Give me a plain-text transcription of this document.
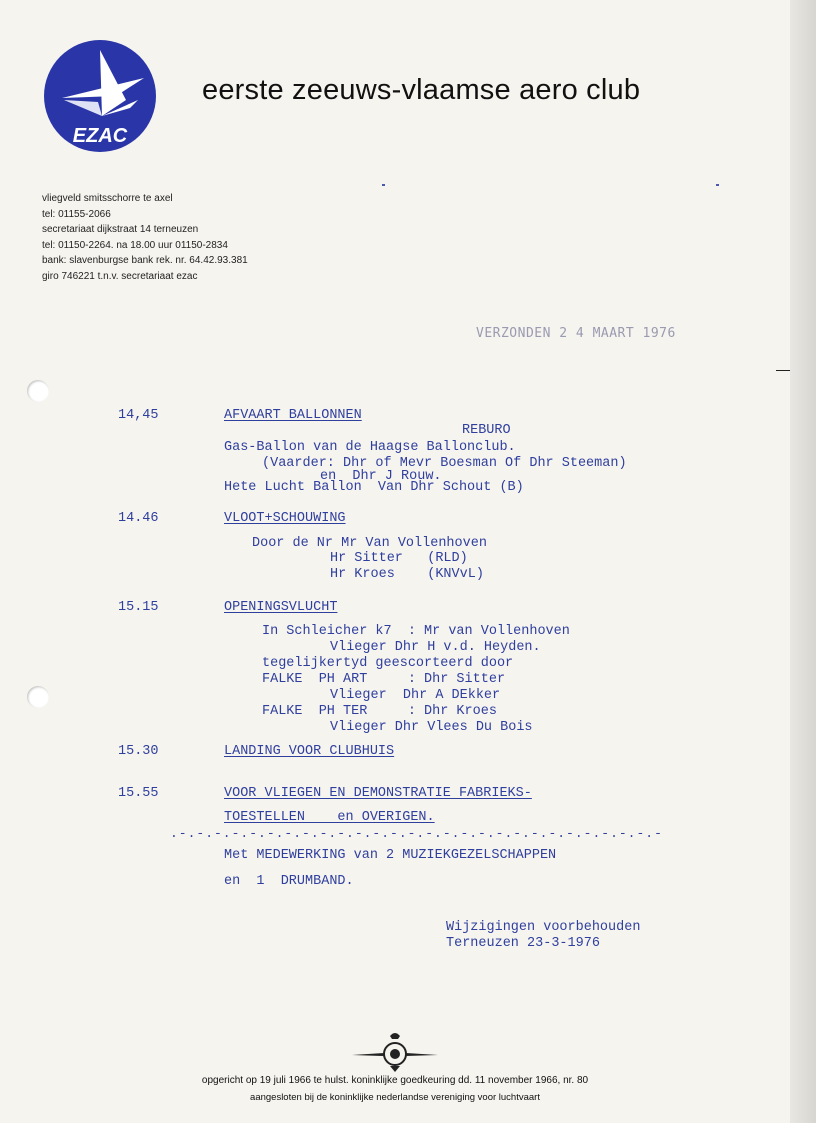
EZAC
eerste zeeuws-vlaamse aero club
vliegveld smitsschorre te axel
tel: 01155-2066
secretariaat dijkstraat 14 terneuzen
tel: 01150-2264. na 18.00 uur 01150-2834
bank: slavenburgse bank rek. nr. 64.42.93.381
giro 746221 t.n.v. secretariaat ezac
VERZONDEN 2 4 MAART 1976
14,45	AFVAART BALLONNEN
REBURO
Gas-Ballon van de Haagse Ballonclub.
(Vaarder: Dhr of Mevr Boesman Of Dhr Steeman)
en  Dhr J Rouw.
Hete Lucht Ballon  Van Dhr Schout (B)
14.46	VLOOT+SCHOUWING
Door de Nr Mr Van Vollenhoven
Hr Sitter   (RLD)
Hr Kroes    (KNVvL)
15.15	OPENINGSVLUCHT
In Schleicher k7  : Mr van Vollenhoven
Vlieger Dhr H v.d. Heyden.
tegelijkertyd geescorteerd door
FALKE  PH ART     : Dhr Sitter
Vlieger  Dhr A DEkker
FALKE  PH TER     : Dhr Kroes
Vlieger Dhr Vlees Du Bois
15.30	LANDING VOOR CLUBHUIS
15.55	VOOR VLIEGEN EN DEMONSTRATIE FABRIEKS-
TOESTELLEN    en OVERIGEN.
Met MEDEWERKING van 2 MUZIEKGEZELSCHAPPEN
en  1  DRUMBAND.
Wijzigingen voorbehouden
Terneuzen 23-3-1976
.-.-.-.-.-.-.-.-.-.-.-.-.-.-.-.-.-.-.-.-.-.-.-.-.-.-.-.-
opgericht op 19 juli 1966 te hulst. koninklijke goedkeuring dd. 11 november 1966, nr. 80
aangesloten bij de koninklijke nederlandse vereniging voor luchtvaart
